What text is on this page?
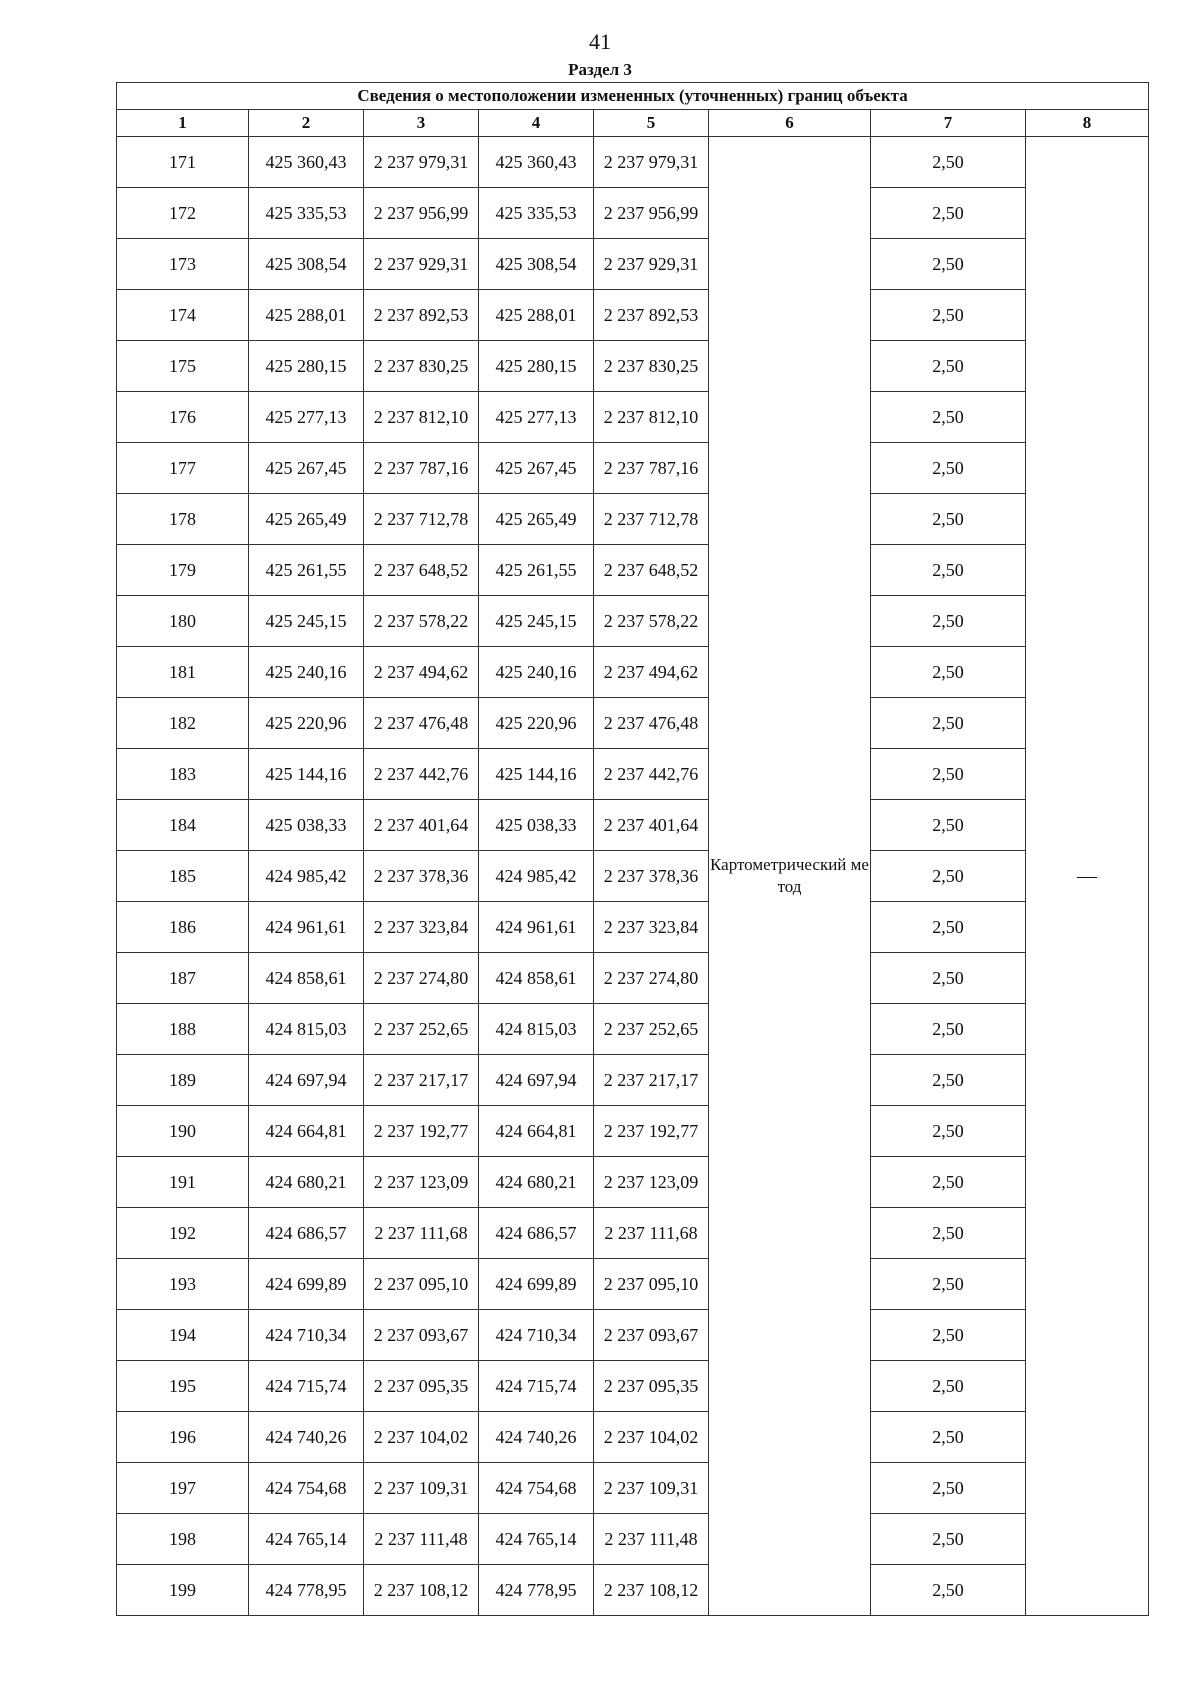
41
Раздел 3
Сведения о местоположении измененных (уточненных) границ объекта							
1	2	3	4	5	6	7	8
171	425 360,43	2 237 979,31	425 360,43	2 237 979,31	Картометрический метод	2,50	—
172	425 335,53	2 237 956,99	425 335,53	2 237 956,99		2,50	
173	425 308,54	2 237 929,31	425 308,54	2 237 929,31		2,50	
174	425 288,01	2 237 892,53	425 288,01	2 237 892,53		2,50	
175	425 280,15	2 237 830,25	425 280,15	2 237 830,25		2,50	
176	425 277,13	2 237 812,10	425 277,13	2 237 812,10		2,50	
177	425 267,45	2 237 787,16	425 267,45	2 237 787,16		2,50	
178	425 265,49	2 237 712,78	425 265,49	2 237 712,78		2,50	
179	425 261,55	2 237 648,52	425 261,55	2 237 648,52		2,50	
180	425 245,15	2 237 578,22	425 245,15	2 237 578,22		2,50	
181	425 240,16	2 237 494,62	425 240,16	2 237 494,62		2,50	
182	425 220,96	2 237 476,48	425 220,96	2 237 476,48		2,50	
183	425 144,16	2 237 442,76	425 144,16	2 237 442,76		2,50	
184	425 038,33	2 237 401,64	425 038,33	2 237 401,64		2,50	
185	424 985,42	2 237 378,36	424 985,42	2 237 378,36		2,50	
186	424 961,61	2 237 323,84	424 961,61	2 237 323,84		2,50	
187	424 858,61	2 237 274,80	424 858,61	2 237 274,80		2,50	
188	424 815,03	2 237 252,65	424 815,03	2 237 252,65		2,50	
189	424 697,94	2 237 217,17	424 697,94	2 237 217,17		2,50	
190	424 664,81	2 237 192,77	424 664,81	2 237 192,77		2,50	
191	424 680,21	2 237 123,09	424 680,21	2 237 123,09		2,50	
192	424 686,57	2 237 111,68	424 686,57	2 237 111,68		2,50	
193	424 699,89	2 237 095,10	424 699,89	2 237 095,10		2,50	
194	424 710,34	2 237 093,67	424 710,34	2 237 093,67		2,50	
195	424 715,74	2 237 095,35	424 715,74	2 237 095,35		2,50	
196	424 740,26	2 237 104,02	424 740,26	2 237 104,02		2,50	
197	424 754,68	2 237 109,31	424 754,68	2 237 109,31		2,50	
198	424 765,14	2 237 111,48	424 765,14	2 237 111,48		2,50	
199	424 778,95	2 237 108,12	424 778,95	2 237 108,12		2,50	
